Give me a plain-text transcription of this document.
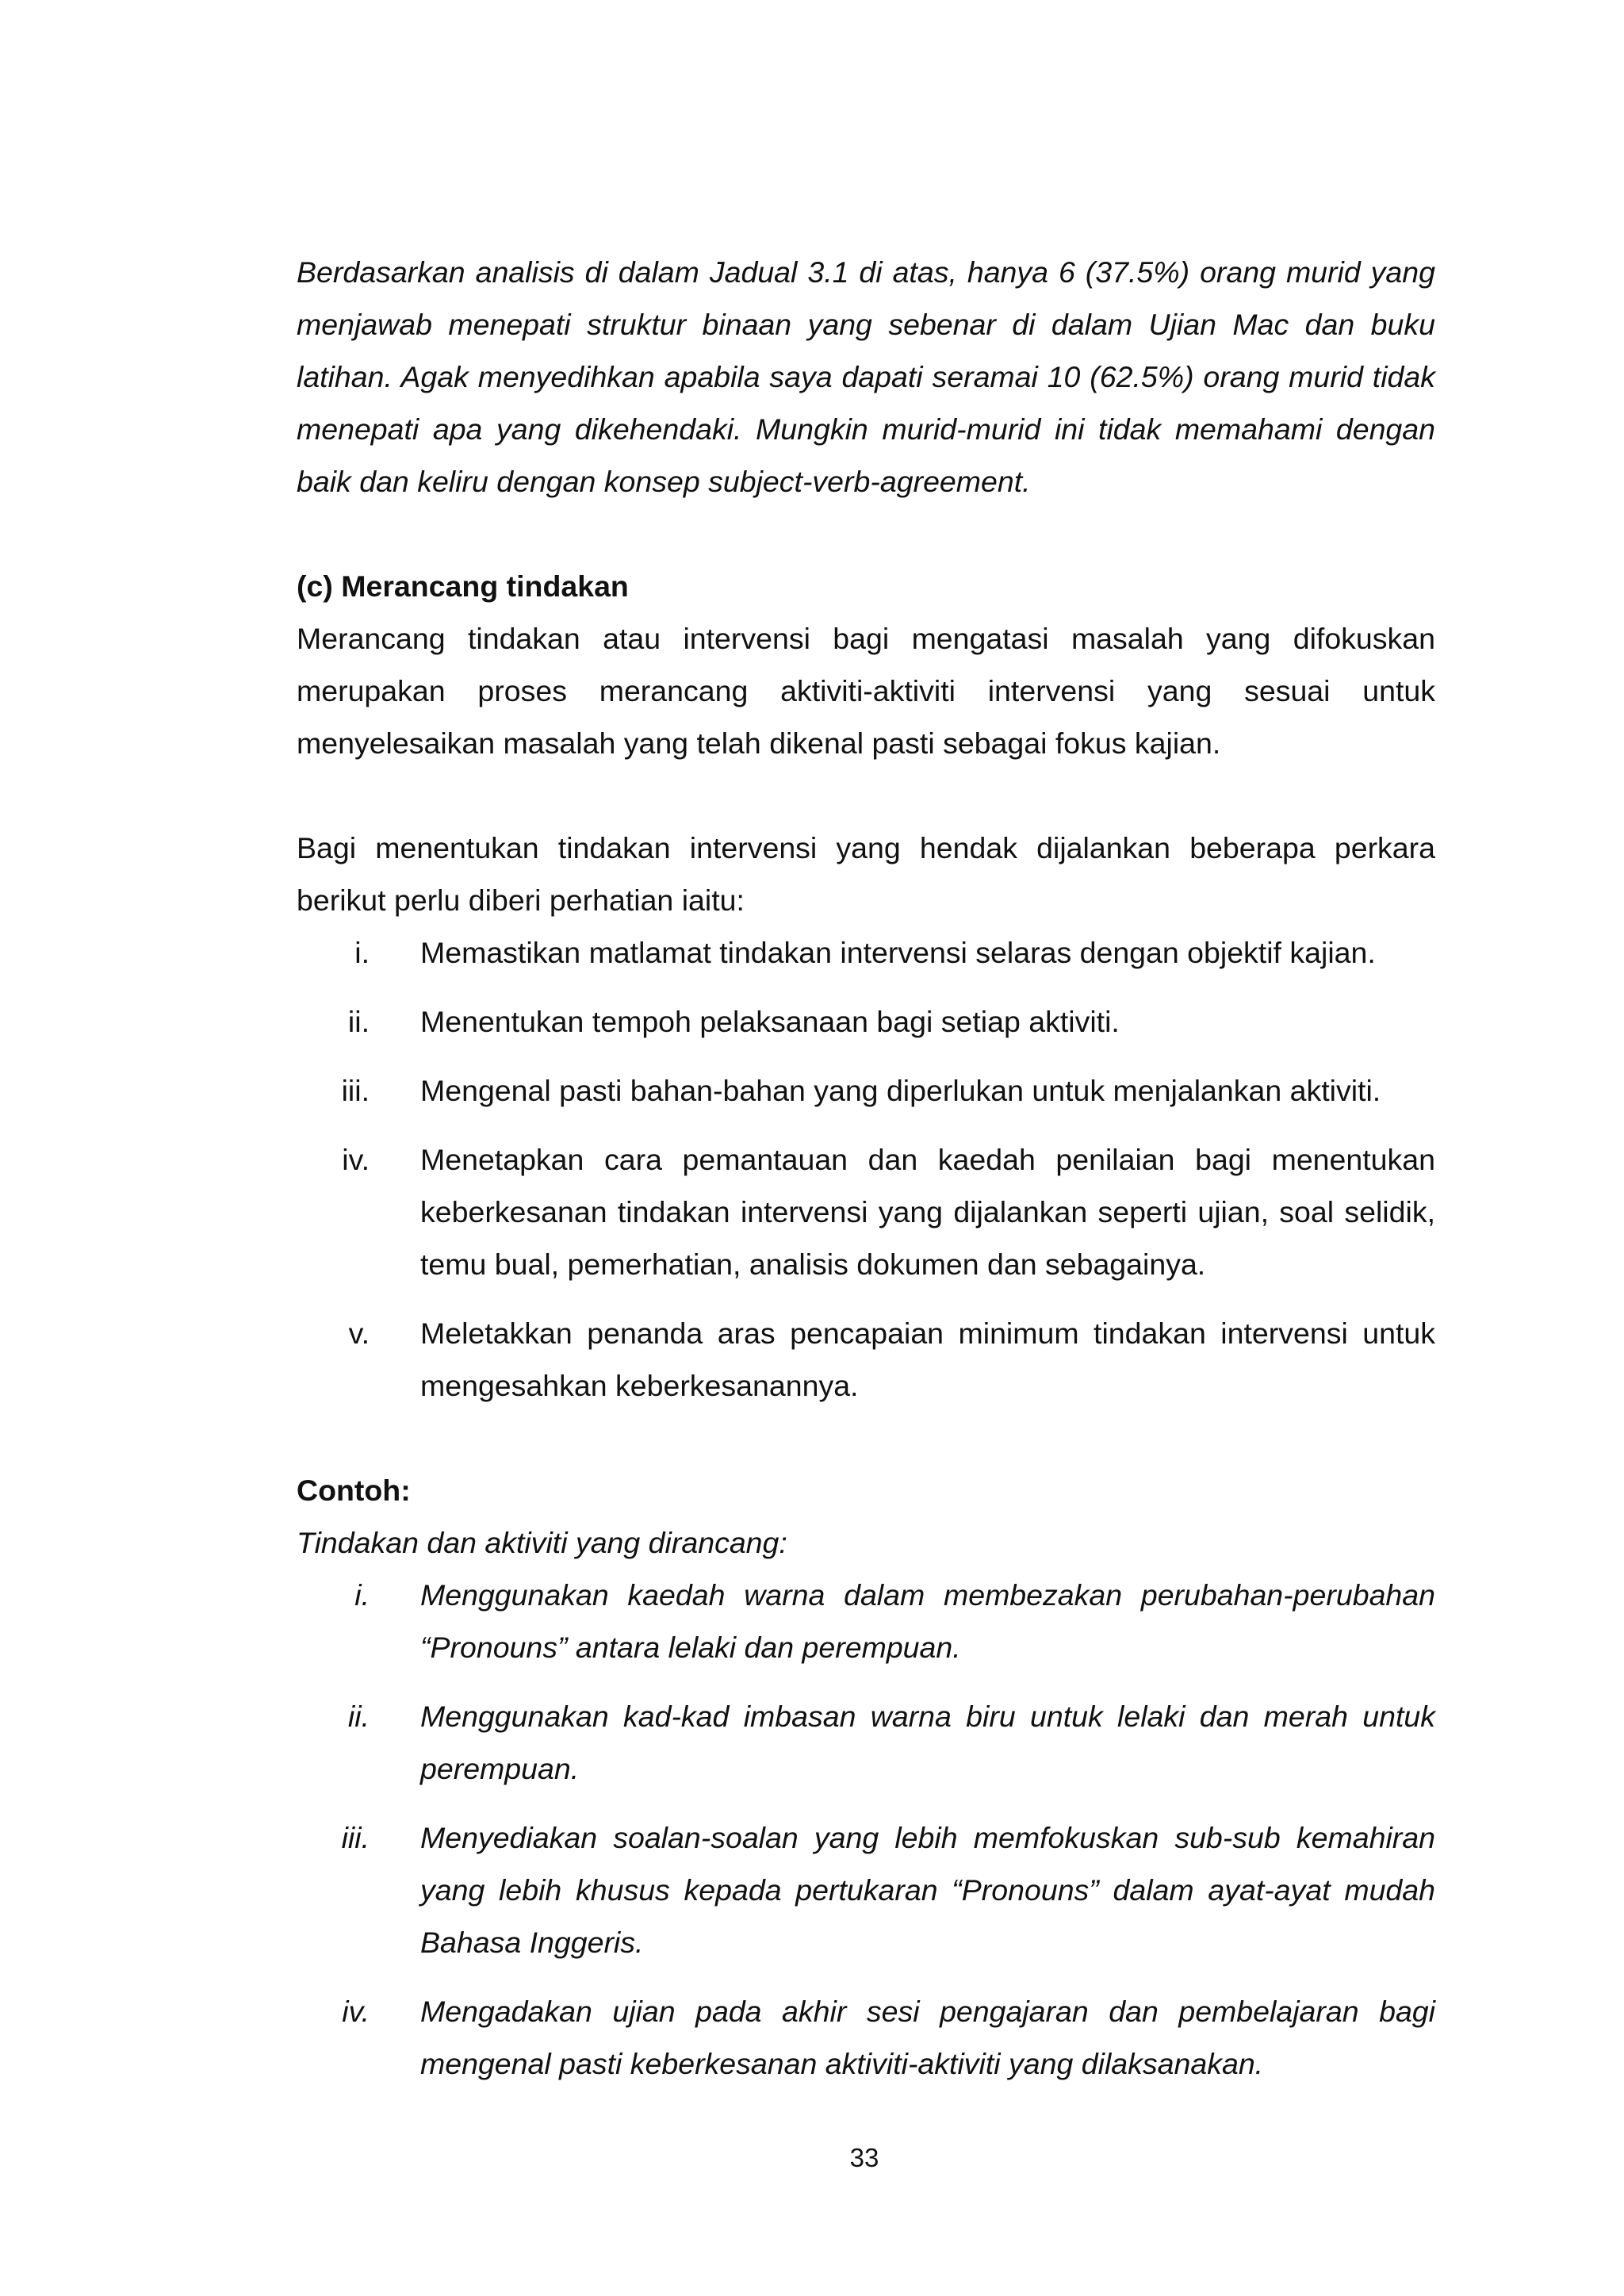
Berdasarkan analisis di dalam Jadual 3.1 di atas, hanya 6 (37.5%) orang murid yang menjawab menepati struktur binaan yang sebenar di dalam Ujian Mac dan buku latihan. Agak menyedihkan apabila saya dapati seramai 10 (62.5%) orang murid tidak menepati apa yang dikehendaki. Mungkin murid-murid ini tidak memahami dengan baik dan keliru dengan konsep subject-verb-agreement.

(c) Merancang tindakan

Merancang tindakan atau intervensi bagi mengatasi masalah yang difokuskan merupakan proses merancang aktiviti-aktiviti intervensi yang sesuai untuk menyelesaikan masalah yang telah dikenal pasti sebagai fokus kajian.

Bagi menentukan tindakan intervensi yang hendak dijalankan beberapa perkara berikut perlu diberi perhatian iaitu:

i. Memastikan matlamat tindakan intervensi selaras dengan objektif kajian.
ii. Menentukan tempoh pelaksanaan bagi setiap aktiviti.
iii. Mengenal pasti bahan-bahan yang diperlukan untuk menjalankan aktiviti.
iv. Menetapkan cara pemantauan dan kaedah penilaian bagi menentukan keberkesanan tindakan intervensi yang dijalankan seperti ujian, soal selidik, temu bual, pemerhatian, analisis dokumen dan sebagainya.
v. Meletakkan penanda aras pencapaian minimum tindakan intervensi untuk mengesahkan keberkesanannya.

Contoh:

Tindakan dan aktiviti yang dirancang:

i. Menggunakan kaedah warna dalam membezakan perubahan-perubahan “Pronouns” antara lelaki dan perempuan.
ii. Menggunakan kad-kad imbasan warna biru untuk lelaki dan merah untuk perempuan.
iii. Menyediakan soalan-soalan yang lebih memfokuskan sub-sub kemahiran yang lebih khusus kepada pertukaran “Pronouns” dalam ayat-ayat mudah Bahasa Inggeris.
iv. Mengadakan ujian pada akhir sesi pengajaran dan pembelajaran bagi mengenal pasti keberkesanan aktiviti-aktiviti yang dilaksanakan.
33
